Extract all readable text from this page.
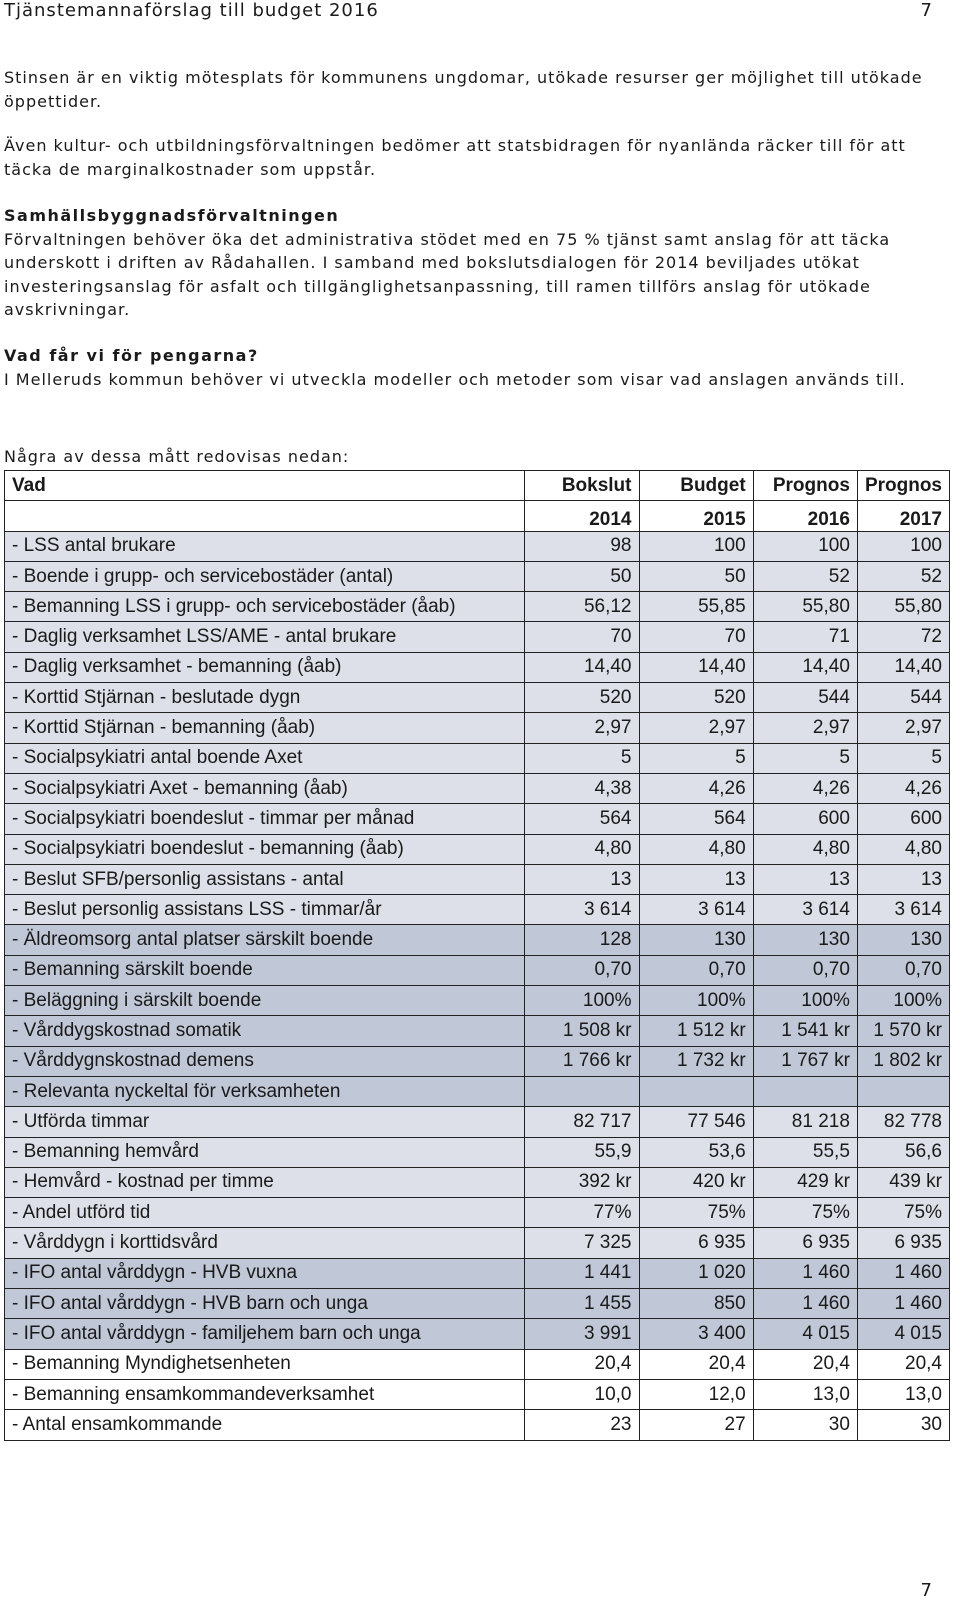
Tjänstemannaförslag till budget 2016	7
Stinsen är en viktig mötesplats för kommunens ungdomar, utökade resurser ger möjlighet till utökade öppettider.
Även kultur- och utbildningsförvaltningen bedömer att statsbidragen för nyanlända räcker till för att täcka de marginalkostnader som uppstår.
Samhällsbyggnadsförvaltningen
Förvaltningen behöver öka det administrativa stödet med en 75 % tjänst samt anslag för att täcka underskott i driften av Rådahallen. I samband med bokslutsdialogen för 2014 beviljades utökat investeringsanslag för asfalt och tillgänglighetsanpassning, till ramen tillförs anslag för utökade avskrivningar.
Vad får vi för pengarna?
I Melleruds kommun behöver vi utveckla modeller och metoder som visar vad anslagen används till.
Några av dessa mått redovisas nedan:
Vad	Bokslut	Budget	Prognos	Prognos
	2014	2015	2016	2017
- LSS antal brukare	98	100	100	100
- Boende i grupp- och servicebostäder (antal)	50	50	52	52
- Bemanning LSS i grupp- och servicebostäder (åab)	56,12	55,85	55,80	55,80
- Daglig verksamhet LSS/AME - antal brukare	70	70	71	72
- Daglig verksamhet - bemanning (åab)	14,40	14,40	14,40	14,40
- Korttid Stjärnan - beslutade dygn	520	520	544	544
- Korttid Stjärnan - bemanning (åab)	2,97	2,97	2,97	2,97
- Socialpsykiatri antal boende Axet	5	5	5	5
- Socialpsykiatri Axet - bemanning (åab)	4,38	4,26	4,26	4,26
- Socialpsykiatri boendeslut - timmar per månad	564	564	600	600
- Socialpsykiatri boendeslut - bemanning (åab)	4,80	4,80	4,80	4,80
- Beslut SFB/personlig assistans - antal	13	13	13	13
- Beslut personlig assistans LSS - timmar/år	3 614	3 614	3 614	3 614
- Äldreomsorg antal platser särskilt boende	128	130	130	130
- Bemanning särskilt boende	0,70	0,70	0,70	0,70
- Beläggning i särskilt boende	100%	100%	100%	100%
- Vårddygskostnad somatik	1 508 kr	1 512 kr	1 541 kr	1 570 kr
- Vårddygnskostnad demens	1 766 kr	1 732 kr	1 767 kr	1 802 kr
- Relevanta nyckeltal för verksamheten				
- Utförda timmar	82 717	77 546	81 218	82 778
- Bemanning hemvård	55,9	53,6	55,5	56,6
- Hemvård - kostnad per timme	392 kr	420 kr	429 kr	439 kr
- Andel utförd tid	77%	75%	75%	75%
- Vårddygn i korttidsvård	7 325	6 935	6 935	6 935
- IFO antal vårddygn - HVB vuxna	1 441	1 020	1 460	1 460
- IFO antal vårddygn - HVB barn och unga	1 455	850	1 460	1 460
- IFO antal vårddygn - familjehem barn och unga	3 991	3 400	4 015	4 015
- Bemanning Myndighetsenheten	20,4	20,4	20,4	20,4
- Bemanning ensamkommandeverksamhet	10,0	12,0	13,0	13,0
- Antal ensamkommande	23	27	30	30
7
